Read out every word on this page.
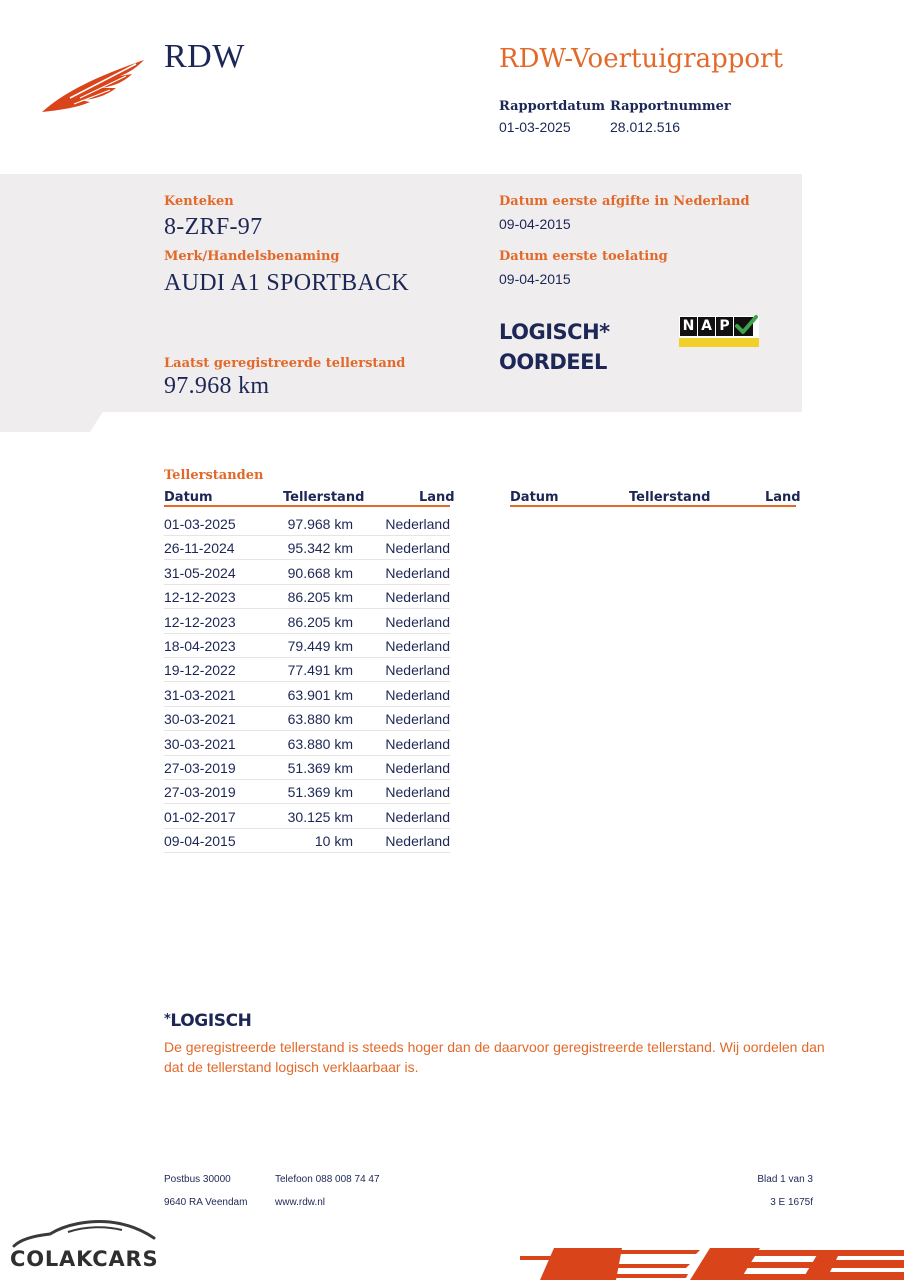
RDW	RDW-Voertuigrapport
Rapportdatum
01-03-2025
Rapportnummer
28.012.516
Kenteken
8-ZRF-97
Merk/Handelsbenaming
AUDI A1 SPORTBACK
Datum eerste afgifte in Nederland
09-04-2015
Datum eerste toelating
09-04-2015
LOGISCH*
OORDEEL
N A P
Laatst geregistreerde tellerstand
97.968 km
Tellerstanden
Datum	Tellerstand	Land	Datum	Tellerstand	Land
01-03-2025	97.968 km Nederland
26-11-2024	95.342 km Nederland
31-05-2024	90.668 km Nederland
12-12-2023	86.205 km Nederland
12-12-2023	86.205 km Nederland
18-04-2023	79.449 km Nederland
19-12-2022	77.491 km Nederland
31-03-2021	63.901 km Nederland
30-03-2021	63.880 km Nederland
30-03-2021	63.880 km Nederland
27-03-2019	51.369 km Nederland
27-03-2019	51.369 km Nederland
01-02-2017	30.125 km Nederland
09-04-2015	10 km Nederland
*LOGISCH
De geregistreerde tellerstand is steeds hoger dan de daarvoor geregistreerde tellerstand. Wij oordelen dan
dat de tellerstand logisch verklaarbaar is.
Postbus 30000
9640 RA Veendam
Telefoon 088 008 74 47
www.rdw.nl
Blad 1 van 3
3 E 1675f
COLAKCARS
